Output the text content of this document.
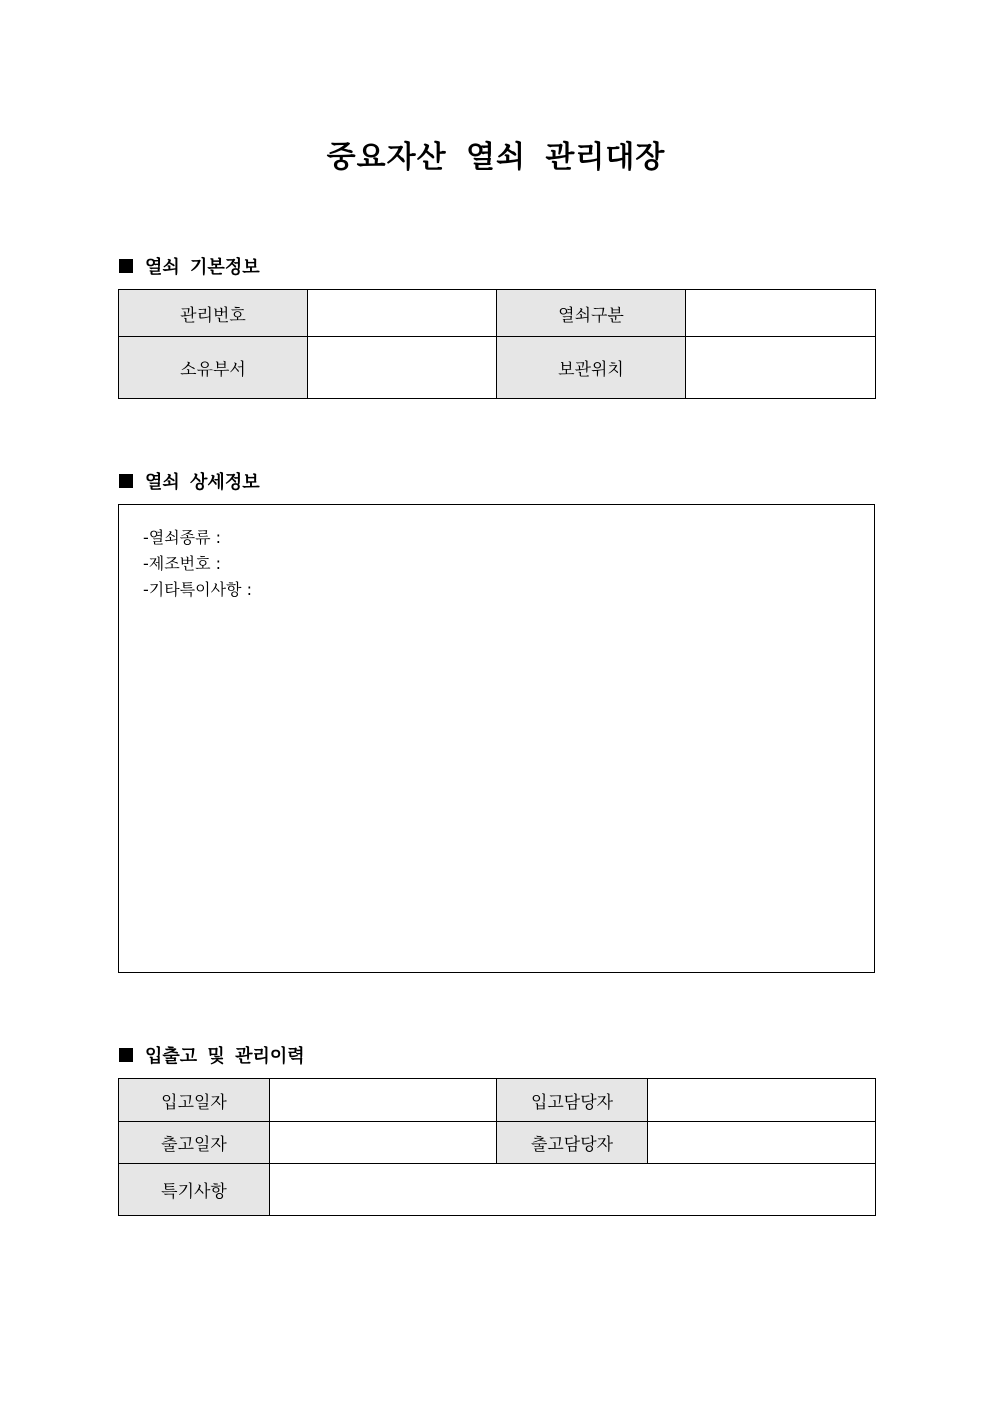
중요자산 열쇠 관리대장
열쇠 기본정보
관리번호		열쇠구분	
소유부서		보관위치	
열쇠 상세정보
-열쇠종류 :
-제조번호 :
-기타특이사항 :
입출고 및 관리이력
입고일자		입고담당자	
출고일자		출고담당자	
특기사항			
